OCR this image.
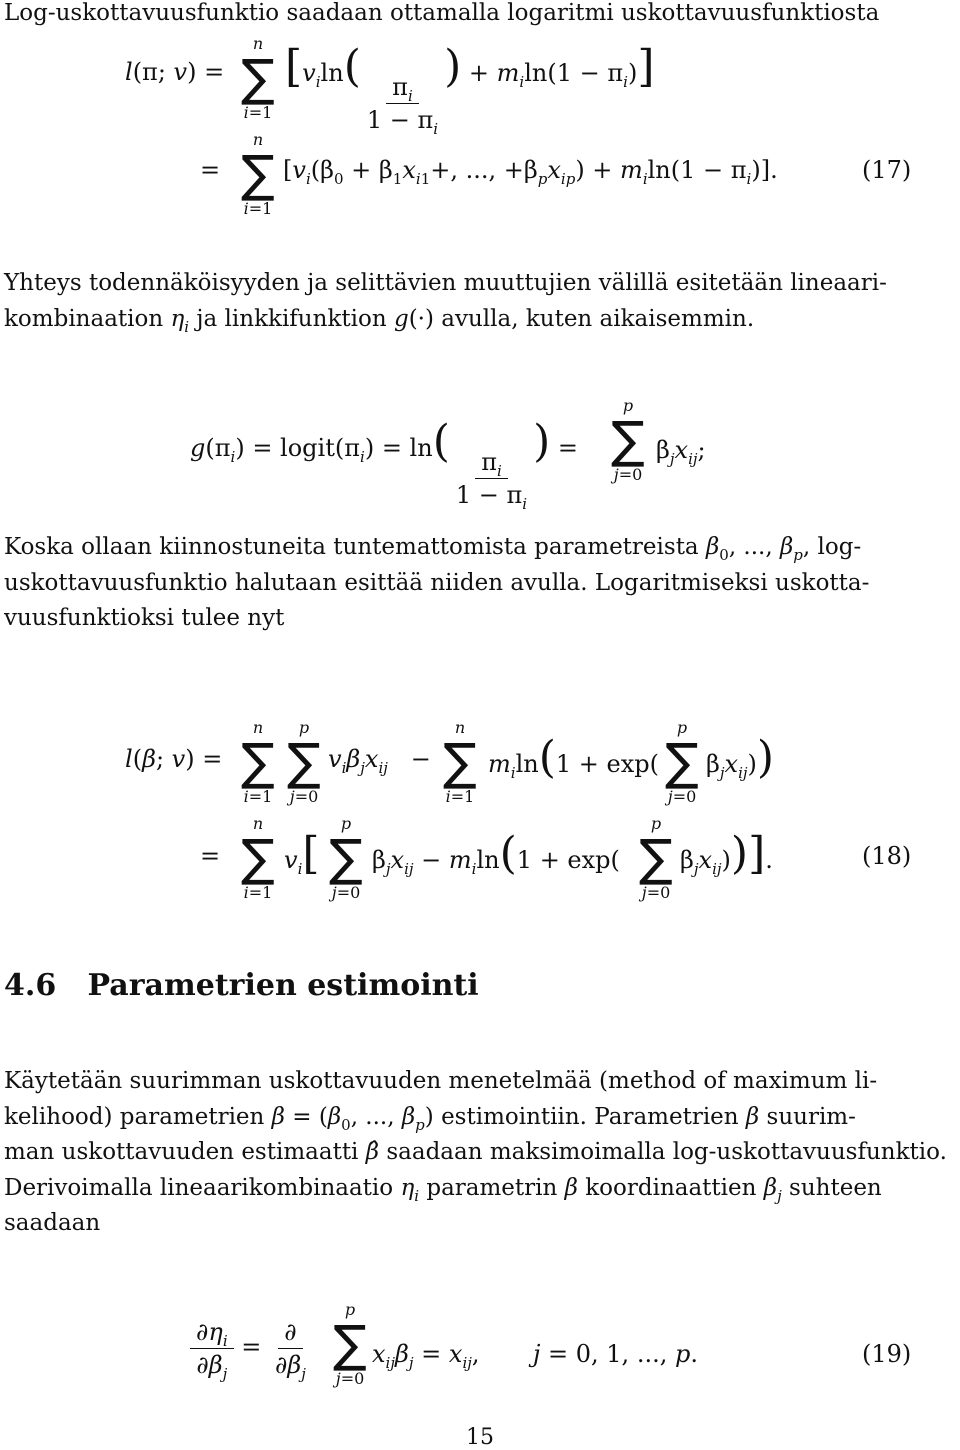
Log-uskottavuusfunktio saadaan ottamalla logaritmi uskottavuusfunktiosta
l(π; v) =
n
∑
i=1
[$v_i\ln$(
$\frac{\pi_i}{1 - \pi_i}$
) + $m_i\ln(1 - \pi_i)$]
=
n
∑
i=1
[$v_i(\beta_0 + \beta_1x_{i1}+$, ..., $+\beta_px_{ip}) + m_i\ln(1 - \pi_i)$].	(17)
Yhteys todennäköisyyden ja selittävien muuttujien välillä esitetään lineaari-
kombinaation $\eta_i$ ja linkkifunktion g(·) avulla, kuten aikaisemmin.
$g(\pi_i)$ = $logit(\pi_i) = \ln$(
$\frac{\pi_i}{1 - \pi_i}$
) =
p
∑
j=0
$\beta_jx_{ij}$;
Koska ollaan kiinnostuneita tuntemattomista parametreista $\beta_0$, ..., $\beta_p$, log-
uskottavuusfunktio halutaan esittää niiden avulla. Logaritmiseksi uskotta-
vuusfunktioksi tulee nyt
l(β; v) =
n
∑
i=1
p
∑
j=0
$v_i\beta_jx_{ij}$   −
n
∑
i=1
$m_i\ln(1 + \exp$(
p
∑
j=0
$\beta_jx_{ij}$))
=
n
∑
i=1
$v_i$[
p
∑
j=0
$\beta_jx_{ij} - m_i\ln(1 + \exp$(
p
∑
j=0
$\beta_jx_{ij}$))].	(18)
4.6 Parametrien estimointi
Käytetään suurimman uskottavuuden menetelmää (method of maximum li-
kelihood) parametrien $\beta = (\beta_0$, ..., $\beta_p$) estimointiin. Parametrien β suurim-
man uskottavuuden estimaatti β̂ saadaan maksimoimalla log-uskottavuusfunktio.
Derivoimalla lineaarikombinaatio $\eta_i$ parametrin β koordinaattien $\beta_j$ suhteen
saadaan
$\frac{\partial\eta_i}{\partial\beta_j} = \frac{\partial}{\partial\beta_j}$
p
∑
j=0
$x_{ij}\beta_j = x_{ij}$,       j = 0, 1, ..., p.	(19)
15
